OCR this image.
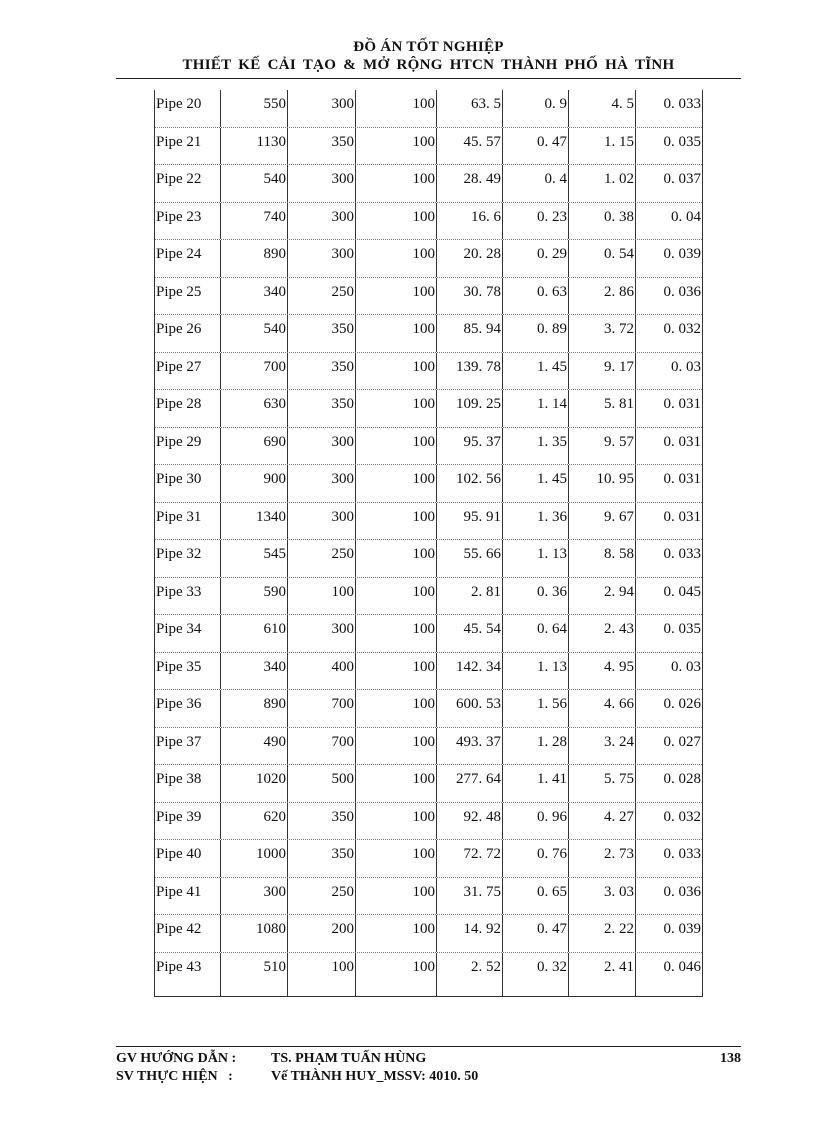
ĐỒ ÁN TỐT NGHIỆP
THIẾT KẾ CẢI TẠO & MỞ RỘNG HTCN THÀNH PHỐ HÀ TĨNH
Pipe 20	550	300	100	63. 5	0. 9	4. 5	0. 033
Pipe 21	1130	350	100	45. 57	0. 47	1. 15	0. 035
Pipe 22	540	300	100	28. 49	0. 4	1. 02	0. 037
Pipe 23	740	300	100	16. 6	0. 23	0. 38	0. 04
Pipe 24	890	300	100	20. 28	0. 29	0. 54	0. 039
Pipe 25	340	250	100	30. 78	0. 63	2. 86	0. 036
Pipe 26	540	350	100	85. 94	0. 89	3. 72	0. 032
Pipe 27	700	350	100	139. 78	1. 45	9. 17	0. 03
Pipe 28	630	350	100	109. 25	1. 14	5. 81	0. 031
Pipe 29	690	300	100	95. 37	1. 35	9. 57	0. 031
Pipe 30	900	300	100	102. 56	1. 45	10. 95	0. 031
Pipe 31	1340	300	100	95. 91	1. 36	9. 67	0. 031
Pipe 32	545	250	100	55. 66	1. 13	8. 58	0. 033
Pipe 33	590	100	100	2. 81	0. 36	2. 94	0. 045
Pipe 34	610	300	100	45. 54	0. 64	2. 43	0. 035
Pipe 35	340	400	100	142. 34	1. 13	4. 95	0. 03
Pipe 36	890	700	100	600. 53	1. 56	4. 66	0. 026
Pipe 37	490	700	100	493. 37	1. 28	3. 24	0. 027
Pipe 38	1020	500	100	277. 64	1. 41	5. 75	0. 028
Pipe 39	620	350	100	92. 48	0. 96	4. 27	0. 032
Pipe 40	1000	350	100	72. 72	0. 76	2. 73	0. 033
Pipe 41	300	250	100	31. 75	0. 65	3. 03	0. 036
Pipe 42	1080	200	100	14. 92	0. 47	2. 22	0. 039
Pipe 43	510	100	100	2. 52	0. 32	2. 41	0. 046
GV HƯỚNG DẪN : TS. PHẠM TUẤN HÙNG	138
SV THỰC HIỆN   :	Vế THÀNH HUY_MSSV: 4010. 50
